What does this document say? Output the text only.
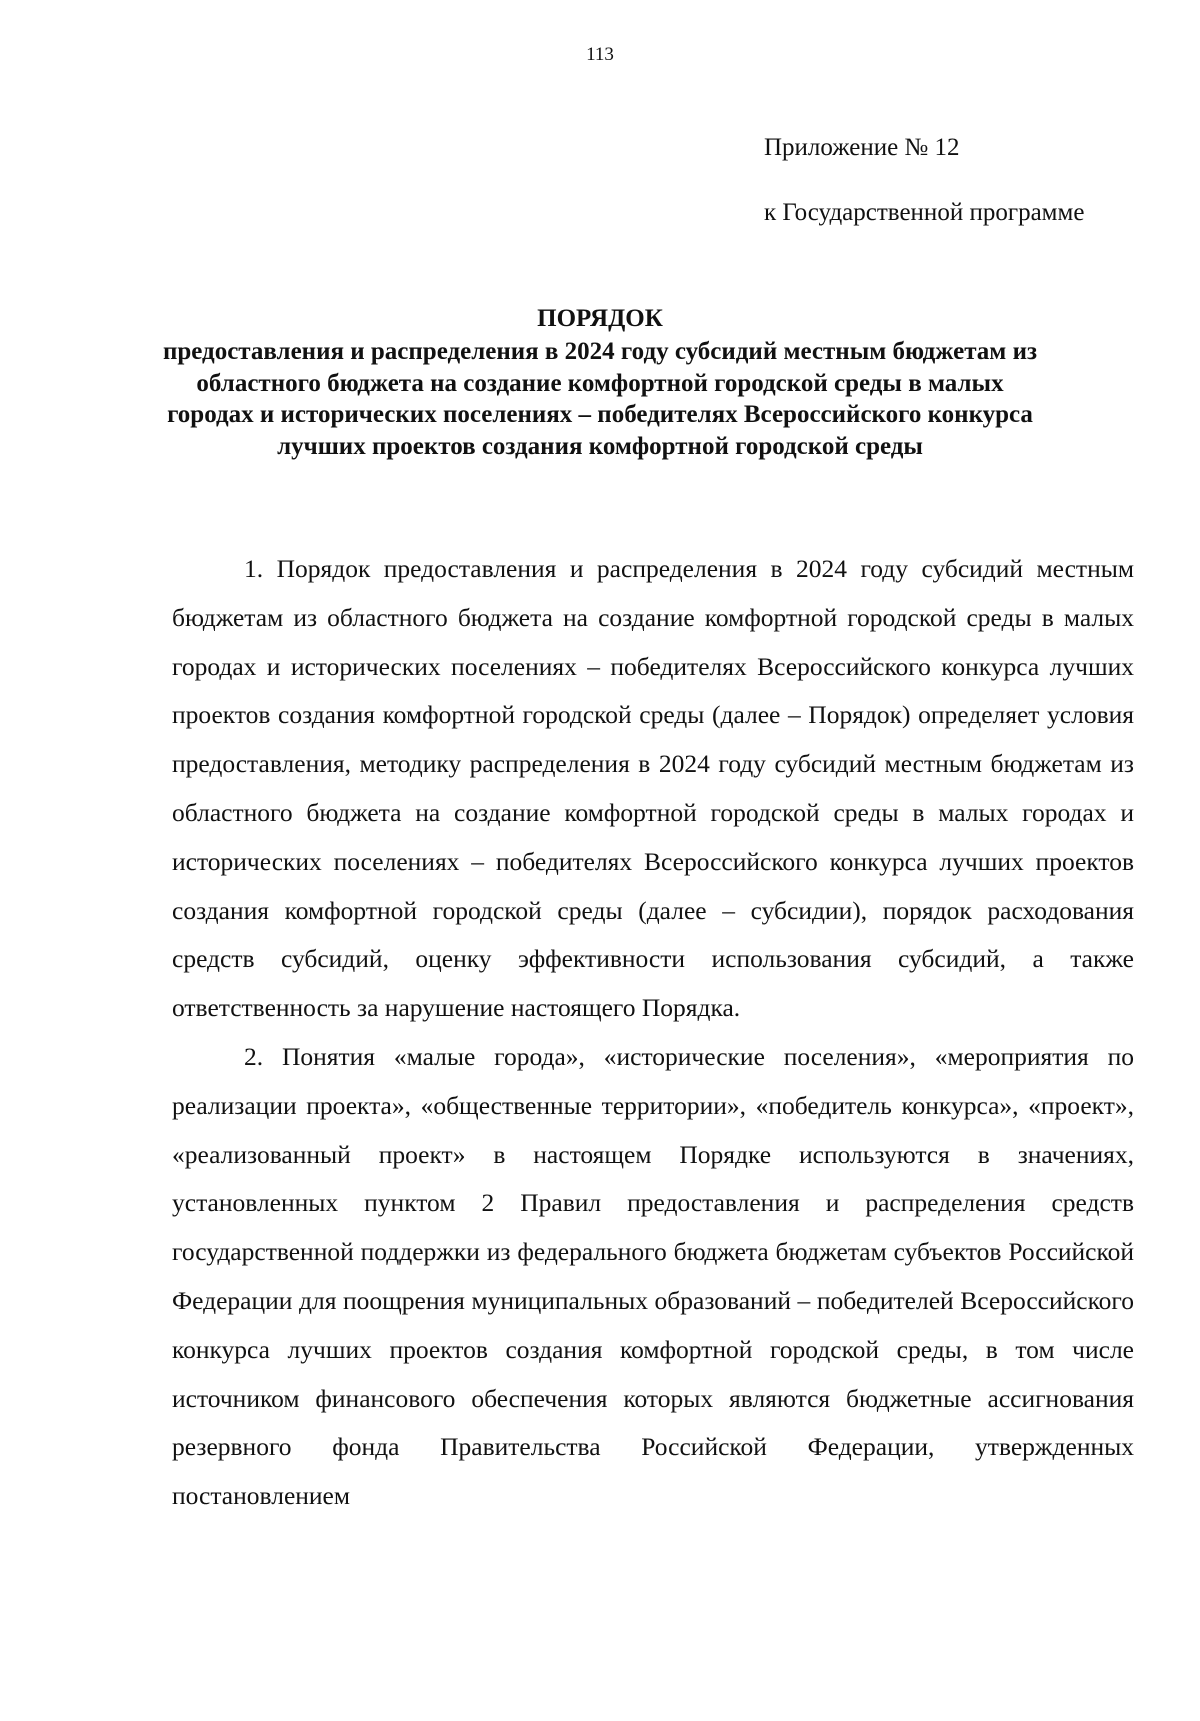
113
Приложение № 12
к Государственной программе
ПОРЯДОК
предоставления и распределения в 2024 году субсидий местным бюджетам из областного бюджета на создание комфортной городской среды в малых городах и исторических поселениях – победителях Всероссийского конкурса лучших проектов создания комфортной городской среды

1. Порядок предоставления и распределения в 2024 году субсидий местным бюджетам из областного бюджета на создание комфортной городской среды в малых городах и исторических поселениях – победителях Всероссийского конкурса лучших проектов создания комфортной городской среды (далее – Порядок) определяет условия предоставления, методику распределения в 2024 году субсидий местным бюджетам из областного бюджета на создание комфортной городской среды в малых городах и исторических поселениях – победителях Всероссийского конкурса лучших проектов создания комфортной городской среды (далее – субсидии), порядок расходования средств субсидий, оценку эффективности использования субсидий, а также ответственность за нарушение настоящего Порядка.

2. Понятия «малые города», «исторические поселения», «мероприятия по реализации проекта», «общественные территории», «победитель конкурса», «проект», «реализованный проект» в настоящем Порядке используются в значениях, установленных пунктом 2 Правил предоставления и распределения средств государственной поддержки из федерального бюджета бюджетам субъектов Российской Федерации для поощрения муниципальных образований – победителей Всероссийского конкурса лучших проектов создания комфортной городской среды, в том числе источником финансового обеспечения которых являются бюджетные ассигнования резервного фонда Правительства Российской Федерации, утвержденных постановлением
